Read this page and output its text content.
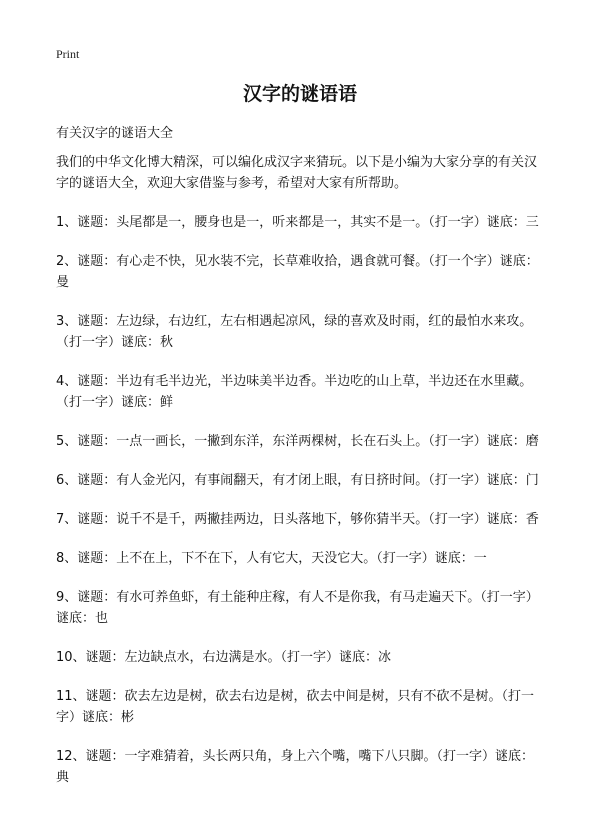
Print
汉字的谜语语
有关汉字的谜语大全

我们的中华文化博大精深，可以编化成汉字来猜玩。以下是小编为大家分享的有关汉字的谜语大全，欢迎大家借鉴与参考，希望对大家有所帮助。

1、谜题：头尾都是一，腰身也是一，听来都是一，其实不是一。（打一字）谜底：三

2、谜题：有心走不快，见水装不完，长草难收拾，遇食就可餐。（打一个字）谜底：曼

3、谜题：左边绿，右边红，左右相遇起凉风，绿的喜欢及时雨，红的最怕水来攻。（打一字）谜底：秋

4、谜题：半边有毛半边光，半边味美半边香。半边吃的山上草，半边还在水里藏。（打一字）谜底：鲜

5、谜题：一点一画长，一撇到东洋，东洋两棵树，长在石头上。（打一字）谜底：磨

6、谜题：有人金光闪，有事闹翻天，有才闭上眼，有日挤时间。（打一字）谜底：门

7、谜题：说千不是千，两撇挂两边，日头落地下，够你猜半天。（打一字）谜底：香

8、谜题：上不在上，下不在下，人有它大，天没它大。（打一字）谜底：一

9、谜题：有水可养鱼虾，有土能种庄稼，有人不是你我，有马走遍天下。（打一字）谜底：也

10、谜题：左边缺点水，右边满是水。（打一字）谜底：冰

11、谜题：砍去左边是树，砍去右边是树，砍去中间是树，只有不砍不是树。（打一字）谜底：彬

12、谜题：一字难猜着，头长两只角，身上六个嘴，嘴下八只脚。（打一字）谜底：典
